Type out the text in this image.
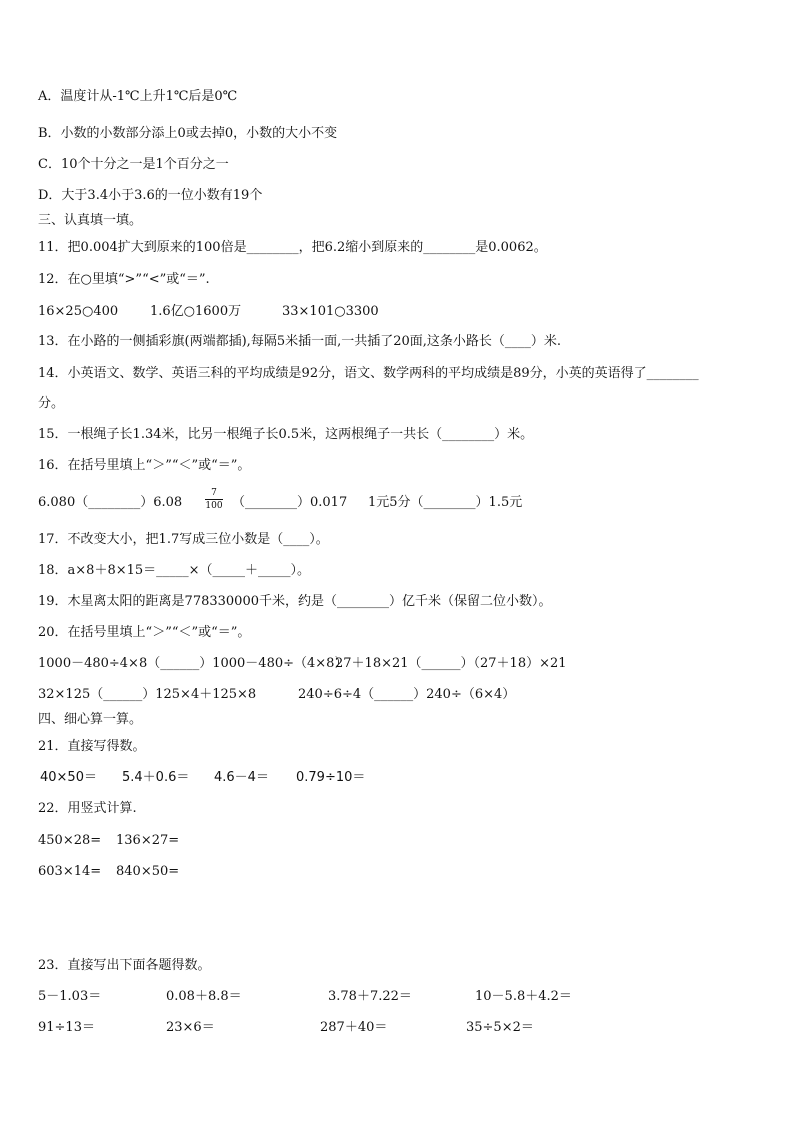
A．温度计从-1℃上升1℃后是0℃
B．小数的小数部分添上0或去掉0，小数的大小不变
C．10个十分之一是1个百分之一
D．大于3.4小于3.6的一位小数有19个
三、认真填一填。
11．把0.004扩大到原来的100倍是________，把6.2缩小到原来的________是0.0062。
12．在○里填“>”“<”或“＝”.
16×25○400 1.6亿○1600万	33×101○3300
13．在小路的一侧插彩旗(两端都插),每隔5米插一面,一共插了20面,这条小路长（____）米.
14．小英语文、数学、英语三科的平均成绩是92分，语文、数学两科的平均成绩是89分，小英的英语得了________
分。
15．一根绳子长1.34米，比另一根绳子长0.5米，这两根绳子一共长（________）米。
16．在括号里填上“＞”“＜”或“＝”。
6.080（________）6.08
7
100 （________）0.017 1元5分（________）1.5元
17．不改变大小，把1.7写成三位小数是（____）。
18．a×8＋8×15＝_____×（_____＋_____）。
19．木星离太阳的距离是778330000千米，约是（________）亿千米（保留二位小数）。
20．在括号里填上“＞”“＜”或“＝”。
1000－480÷4×8（______）1000－480÷（4×8）
27＋18×21（______）（27＋18）×21
32×125（______）125×4＋125×8	240÷6÷4（______）240÷（6×4）
四、细心算一算。
21．直接写得数。
40×50＝ 5.4＋0.6＝ 4.6－4＝ 0.79÷10＝
22．用竖式计算.
450×28= 136×27=
603×14= 840×50=
23．直接写出下面各题得数。
5－1.03＝	0.08＋8.8＝	3.78＋7.22＝	10－5.8＋4.2＝
91÷13＝	23×6＝	287＋40＝	35÷5×2＝
